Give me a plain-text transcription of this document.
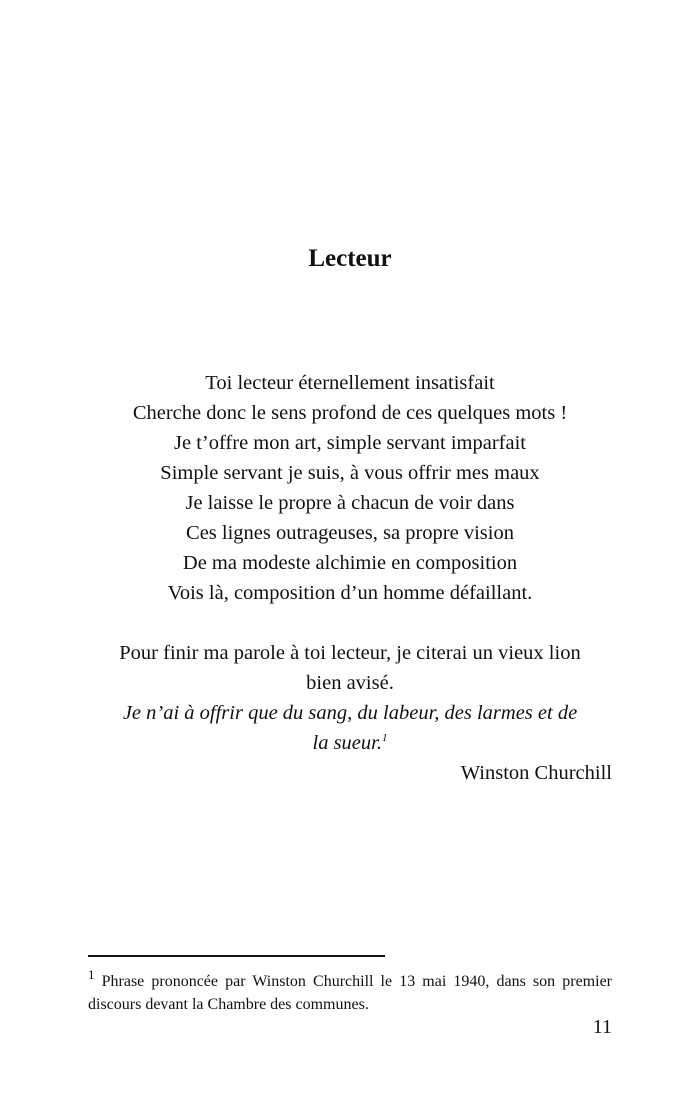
Lecteur
Toi lecteur éternellement insatisfait
Cherche donc le sens profond de ces quelques mots !
Je t’offre mon art, simple servant imparfait
Simple servant je suis, à vous offrir mes maux
Je laisse le propre à chacun de voir dans
Ces lignes outrageuses, sa propre vision
De ma modeste alchimie en composition
Vois là, composition d’un homme défaillant.
Pour finir ma parole à toi lecteur, je citerai un vieux lion
bien avisé.
Je n’ai à offrir que du sang, du labeur, des larmes et de
la sueur.$^1$
Winston Churchill
$^1$ Phrase prononcée par Winston Churchill le 13 mai 1940, dans son premier discours devant la Chambre des communes.
11
